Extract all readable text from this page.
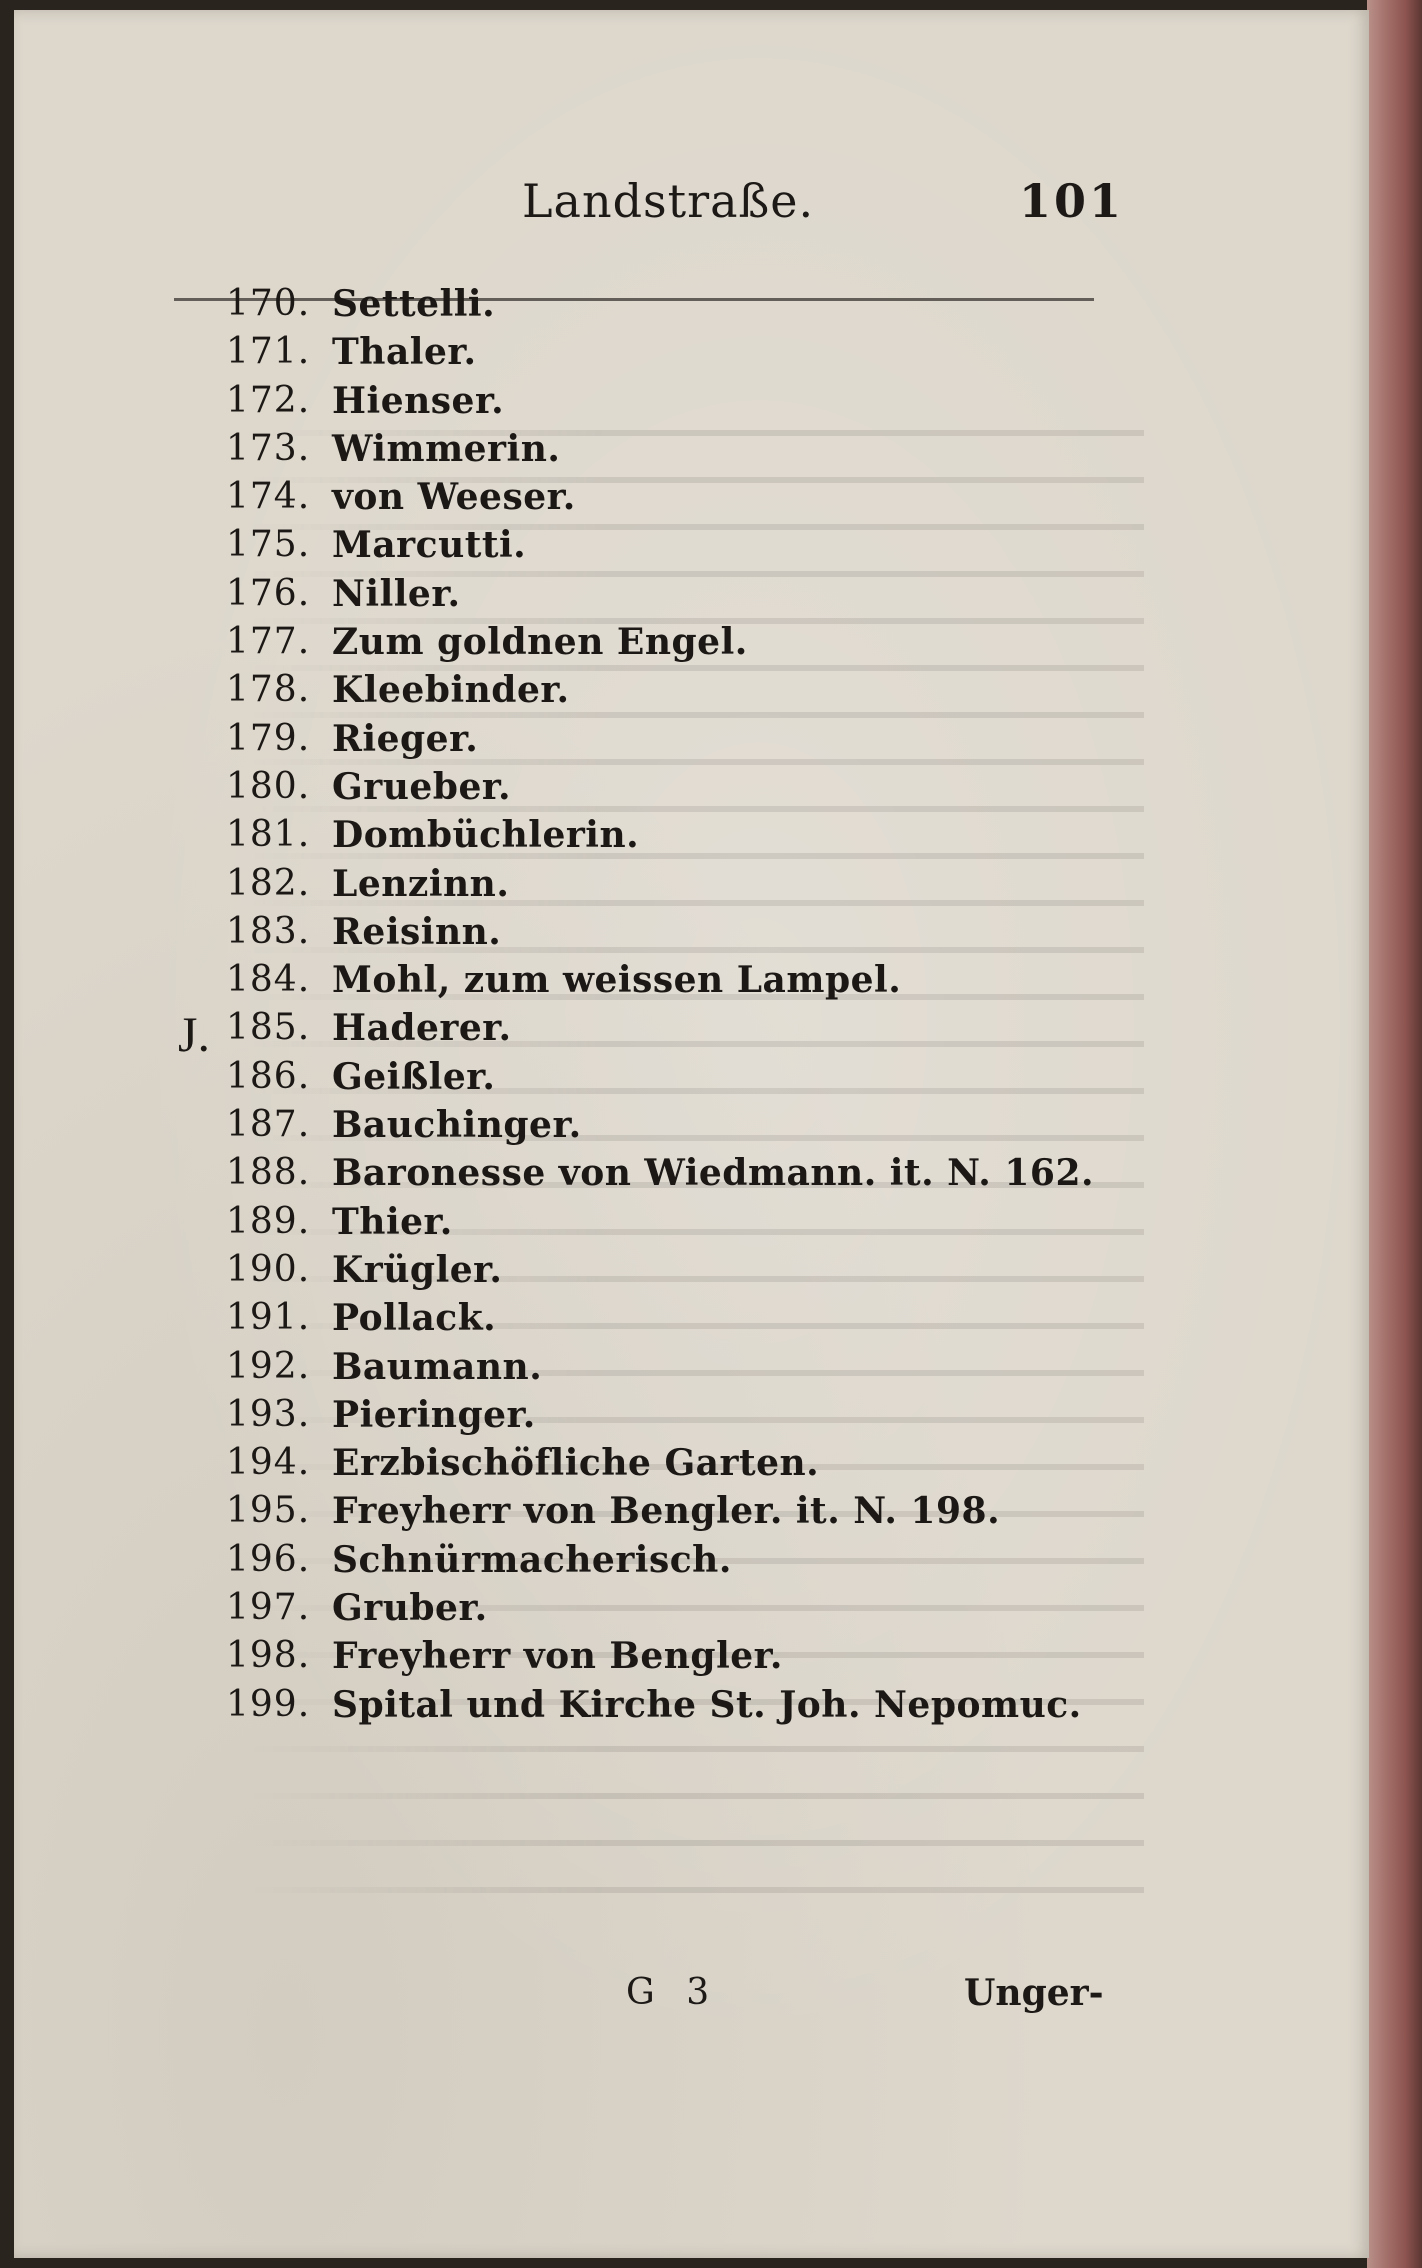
Landstraße.	101
170. Settelli.
171. Thaler.
172. Hienser.
173. Wimmerin.
174. von Weeser.
175. Marcutti.
176. Niller.
177. Zum goldnen Engel.
178. Kleebinder.
179. Rieger.
180. Grueber.
181. Dombüchlerin.
182. Lenzinn.
183. Reisinn.
184. Mohl, zum weissen Lampel.
J. 185. Haderer.
186. Geißler.
187. Bauchinger.
188. Baronesse von Wiedmann. it. N. 162.
189. Thier.
190. Krügler.
191. Pollack.
192. Baumann.
193. Pieringer.
194. Erzbischöfliche Garten.
195. Freyherr von Bengler. it. N. 198.
196. Schnürmacherisch.
197. Gruber.
198. Freyherr von Bengler.
199. Spital und Kirche St. Joh. Nepomuc.
G 3	Unger-
